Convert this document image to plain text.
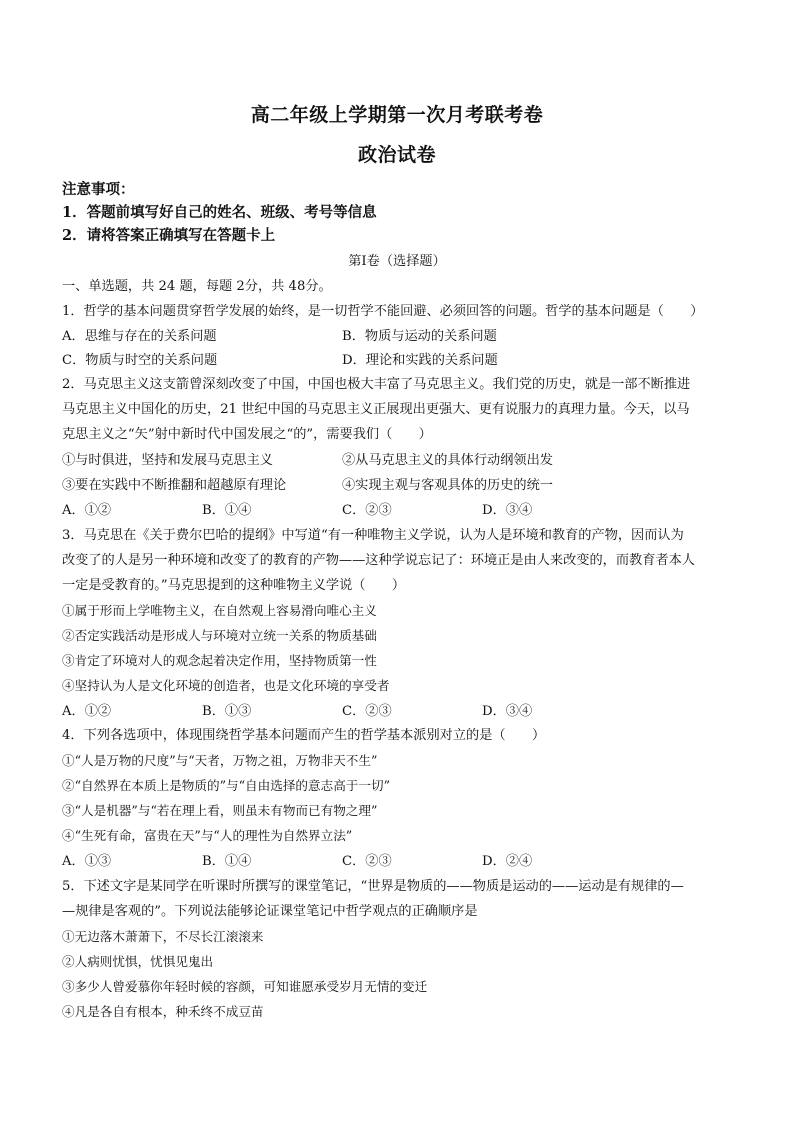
高二年级上学期第一次月考联考卷
政治试卷
注意事项：
1．答题前填写好自己的姓名、班级、考号等信息
2．请将答案正确填写在答题卡上
第I卷（选择题）
一、单选题，共 24 题，每题 2分，共 48分。
1．哲学的基本问题贯穿哲学发展的始终，是一切哲学不能回避、必须回答的问题。哲学的基本问题是（　　）
A．思维与存在的关系问题	B．物质与运动的关系问题
C．物质与时空的关系问题	D．理论和实践的关系问题
2．马克思主义这支箭曾深刻改变了中国，中国也极大丰富了马克思主义。我们党的历史，就是一部不断推进
马克思主义中国化的历史，21 世纪中国的马克思主义正展现出更强大、更有说服力的真理力量。今天，以马
克思主义之“矢”射中新时代中国发展之“的”，需要我们（　　）
①与时俱进，坚持和发展马克思主义	②从马克思主义的具体行动纲领出发
③要在实践中不断推翻和超越原有理论	④实现主观与客观具体的历史的统一
A．①②	B．①④	C．②③	D．③④
3．马克思在《关于费尔巴哈的提纲》中写道“有一种唯物主义学说，认为人是环境和教育的产物，因而认为
改变了的人是另一种环境和改变了的教育的产物——这种学说忘记了：环境正是由人来改变的，而教育者本人
一定是受教育的。”马克思提到的这种唯物主义学说（　　）
①属于形而上学唯物主义，在自然观上容易滑向唯心主义
②否定实践活动是形成人与环境对立统一关系的物质基础
③肯定了环境对人的观念起着决定作用，坚持物质第一性
④坚持认为人是文化环境的创造者，也是文化环境的享受者
A．①②	B．①③	C．②③	D．③④
4．下列各选项中，体现围绕哲学基本问题而产生的哲学基本派别对立的是（　　）
①“人是万物的尺度”与“天者，万物之祖，万物非天不生”
②“自然界在本质上是物质的”与“自由选择的意志高于一切”
③“人是机器”与“若在理上看，则虽未有物而已有物之理”
④“生死有命，富贵在天”与“人的理性为自然界立法”
A．①③	B．①④	C．②③	D．②④
5．下述文字是某同学在听课时所撰写的课堂笔记，“世界是物质的——物质是运动的——运动是有规律的—
—规律是客观的”。下列说法能够论证课堂笔记中哲学观点的正确顺序是
①无边落木萧萧下，不尽长江滚滚来
②人病则忧惧，忧惧见鬼出
③多少人曾爱慕你年轻时候的容颜，可知谁愿承受岁月无情的变迁
④凡是各自有根本，种禾终不成豆苗
